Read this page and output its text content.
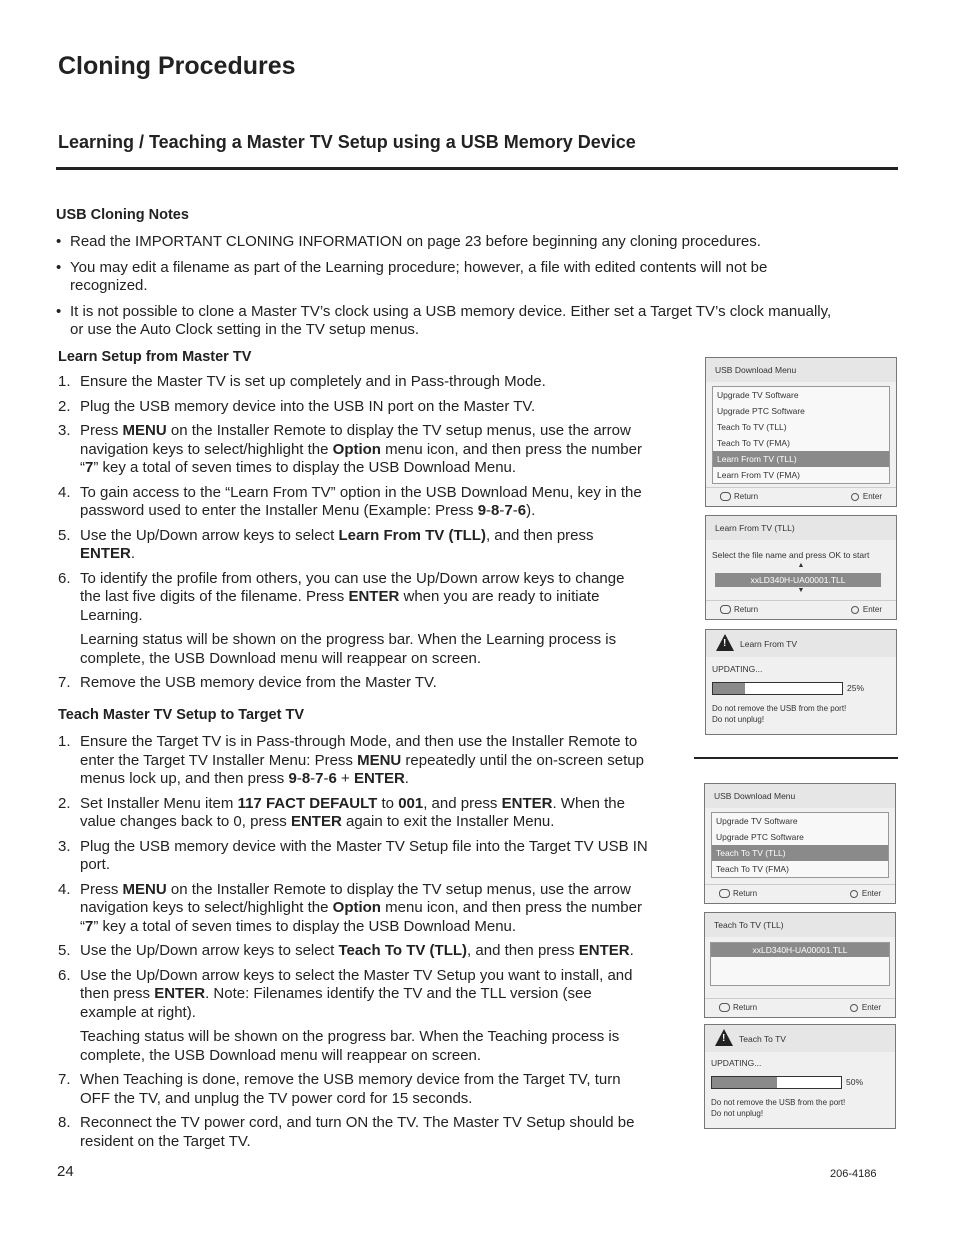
Cloning Procedures
Learning / Teaching a Master TV Setup using a USB Memory Device
USB Cloning Notes
• Read the IMPORTANT CLONING INFORMATION on page 23 before beginning any cloning procedures.
• You may edit a filename as part of the Learning procedure; however, a file with edited contents will not be recognized.
• It is not possible to clone a Master TV’s clock using a USB memory device. Either set a Target TV’s clock manually, or use the Auto Clock setting in the TV setup menus.
Learn Setup from Master TV
1. Ensure the Master TV is set up completely and in Pass-through Mode.
2. Plug the USB memory device into the USB IN port on the Master TV.
3. Press MENU on the Installer Remote to display the TV setup menus, use the arrow navigation keys to select/highlight the Option menu icon, and then press the number “7” key a total of seven times to display the USB Download Menu.
4. To gain access to the “Learn From TV” option in the USB Download Menu, key in the password used to enter the Installer Menu (Example: Press 9-8-7-6).
5. Use the Up/Down arrow keys to select Learn From TV (TLL), and then press ENTER.
6. To identify the profile from others, you can use the Up/Down arrow keys to change the last five digits of the filename. Press ENTER when you are ready to initiate Learning.
Learning status will be shown on the progress bar. When the Learning process is complete, the USB Download menu will reappear on screen.
7. Remove the USB memory device from the Master TV.
Teach Master TV Setup to Target TV
1. Ensure the Target TV is in Pass-through Mode, and then use the Installer Remote to enter the Target TV Installer Menu: Press MENU repeatedly until the on-screen setup menus lock up, and then press 9-8-7-6 + ENTER.
2. Set Installer Menu item 117 FACT DEFAULT to 001, and press ENTER. When the value changes back to 0, press ENTER again to exit the Installer Menu.
3. Plug the USB memory device with the Master TV Setup file into the Target TV USB IN port.
4. Press MENU on the Installer Remote to display the TV setup menus, use the arrow navigation keys to select/highlight the Option menu icon, and then press the number “7” key a total of seven times to display the USB Download Menu.
5. Use the Up/Down arrow keys to select Teach To TV (TLL), and then press ENTER.
6. Use the Up/Down arrow keys to select the Master TV Setup you want to install, and then press ENTER. Note: Filenames identify the TV and the TLL version (see example at right).
Teaching status will be shown on the progress bar. When the Teaching process is complete, the USB Download menu will reappear on screen.
7. When Teaching is done, remove the USB memory device from the Target TV, turn OFF the TV, and unplug the TV power cord for 15 seconds.
8. Reconnect the TV power cord, and turn ON the TV. The Master TV Setup should be resident on the Target TV.
USB Download Menu
Upgrade TV Software
Upgrade PTC Software
Teach To TV (TLL)
Teach To TV (FMA)
Learn From TV (TLL)
Learn From TV (FMA)
Return	Enter
Learn From TV (TLL)
Select the file name and press OK to start
▲
xxLD340H-UA00001.TLL
▼
Return	Enter
!
Learn From TV
UPDATING...
25%
Do not remove the USB from the port!
Do not unplug!
USB Download Menu
Upgrade TV Software
Upgrade PTC Software
Teach To TV (TLL)
Teach To TV (FMA)
Return	Enter
Teach To TV (TLL)
xxLD340H-UA00001.TLL
Return	Enter
!
Teach To TV
UPDATING...
50%
Do not remove the USB from the port!
Do not unplug!
24	206-4186
